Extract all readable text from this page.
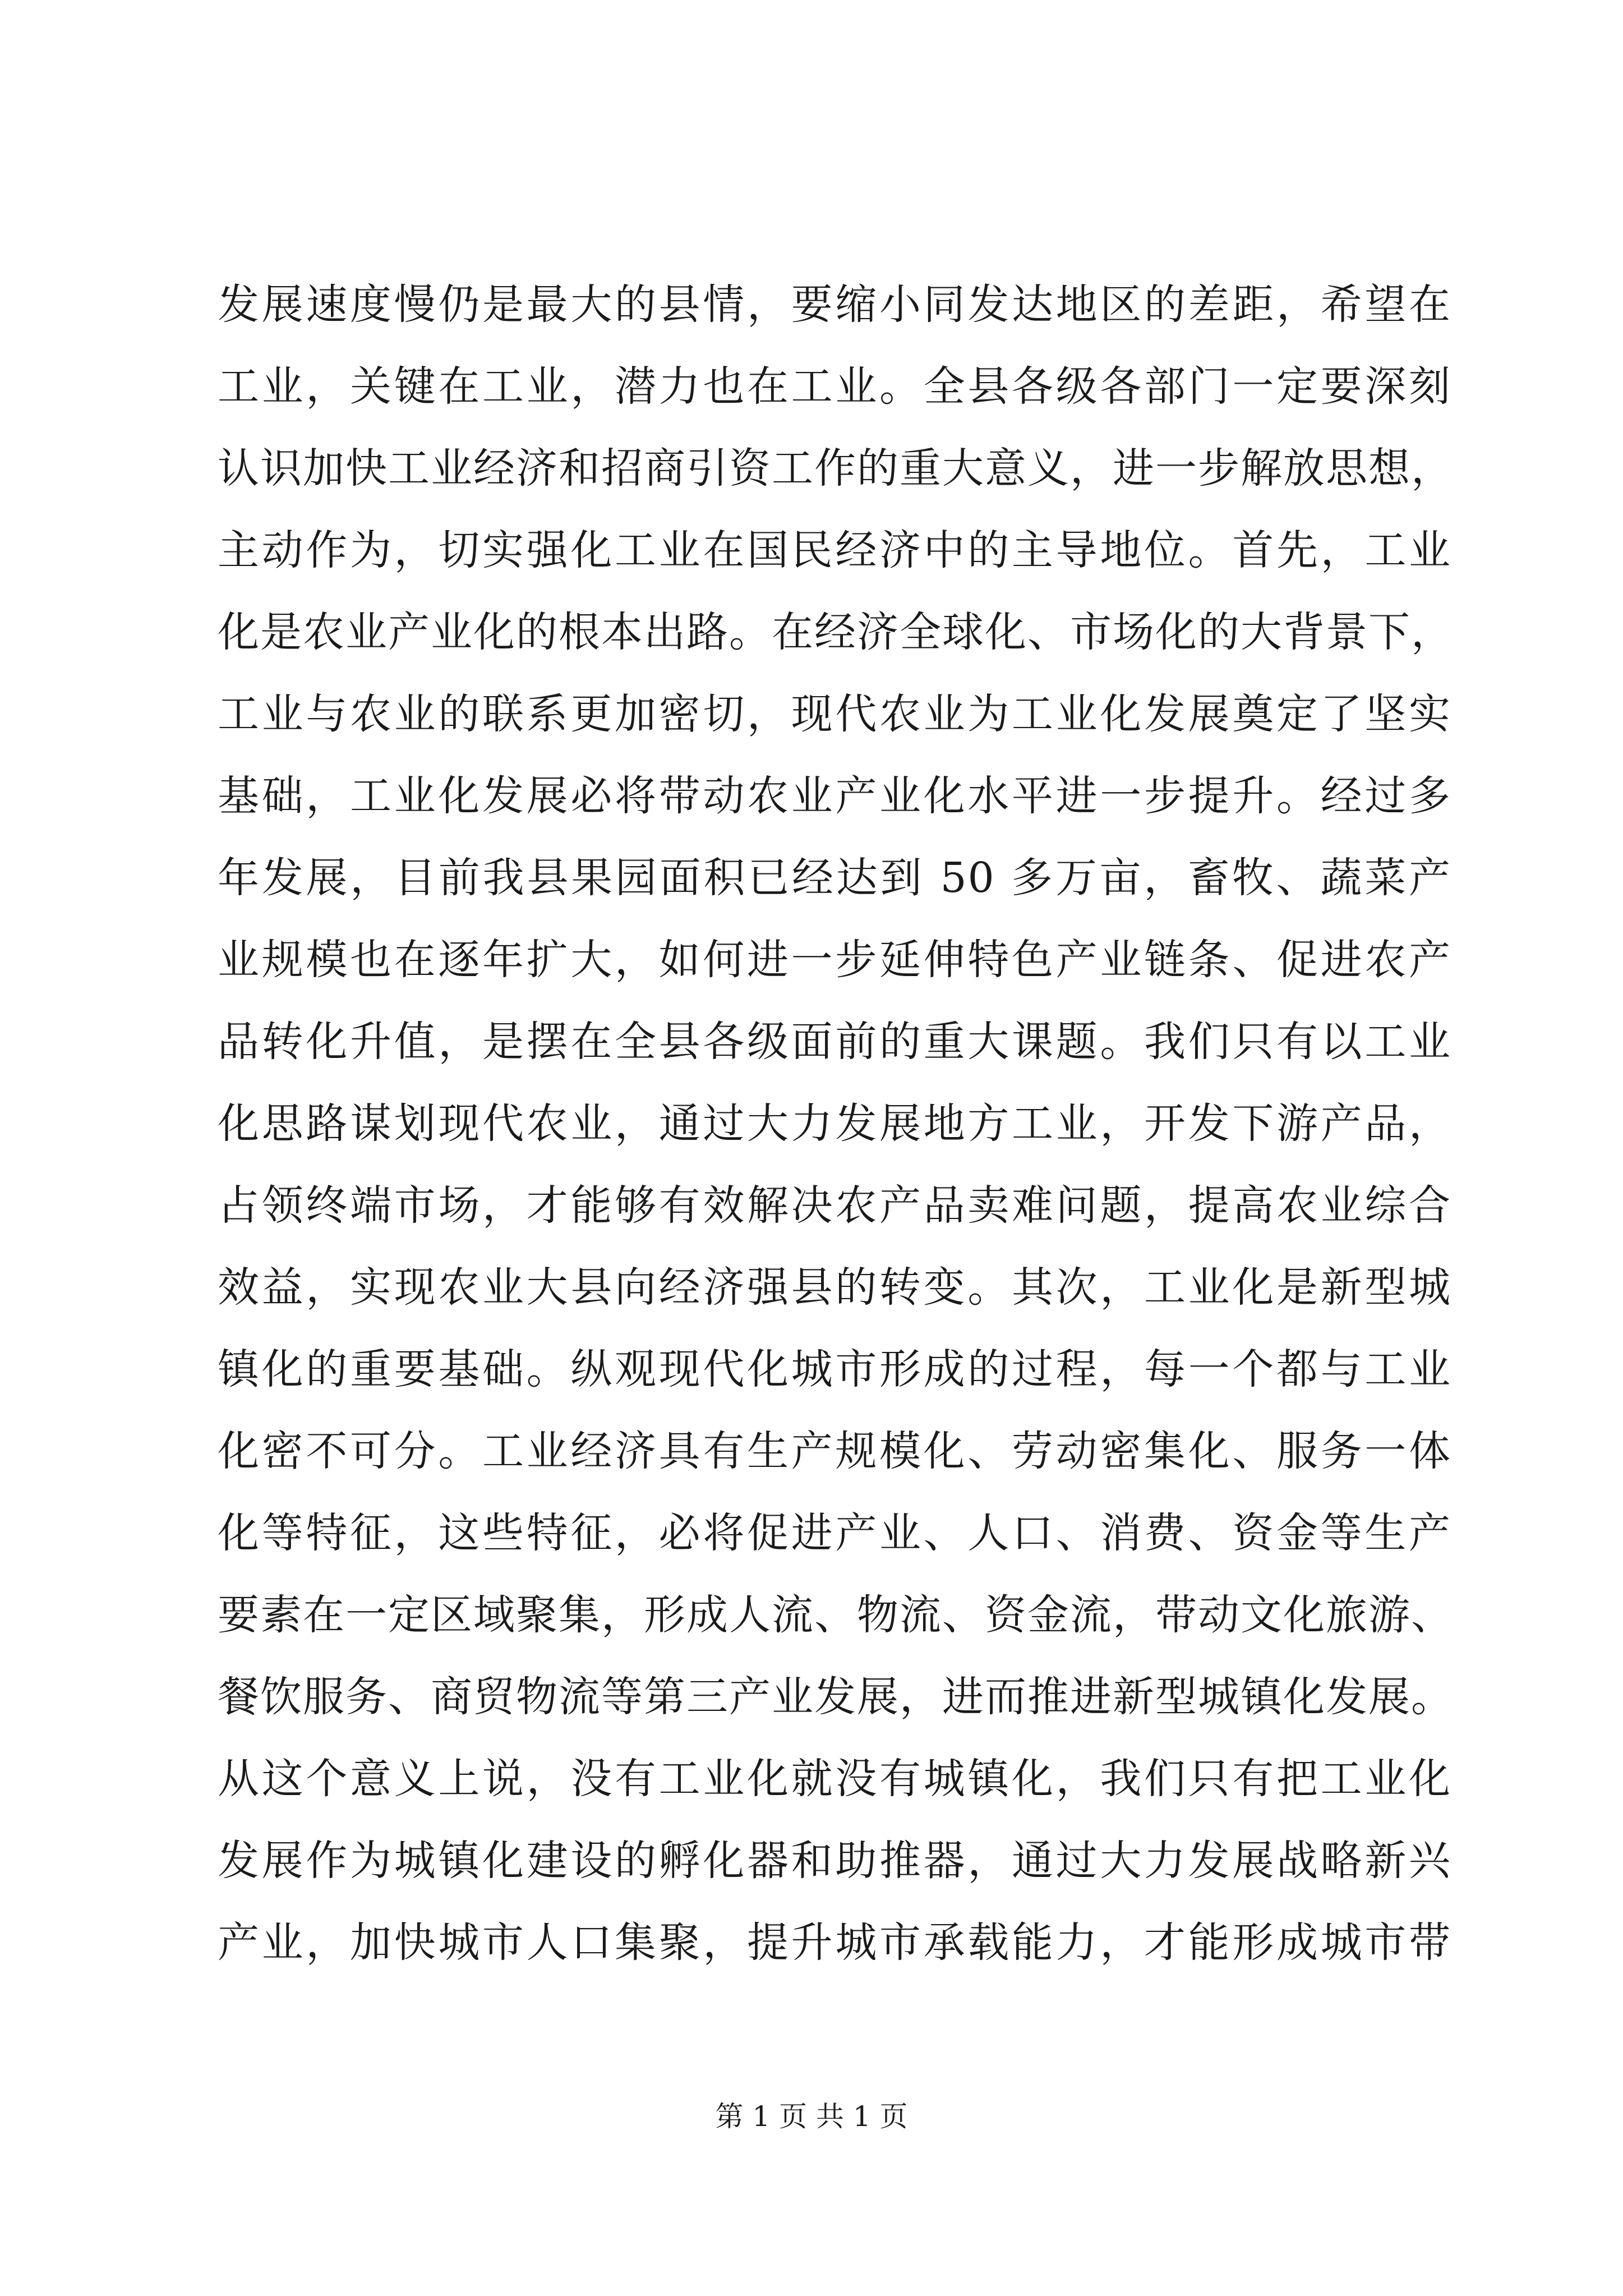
发展速度慢仍是最大的县情，要缩小同发达地区的差距，希望在
工业，关键在工业，潜力也在工业。全县各级各部门一定要深刻
认识加快工业经济和招商引资工作的重大意义，进一步解放思想，
主动作为，切实强化工业在国民经济中的主导地位。首先，工业
化是农业产业化的根本出路。在经济全球化、市场化的大背景下，
工业与农业的联系更加密切，现代农业为工业化发展奠定了坚实
基础，工业化发展必将带动农业产业化水平进一步提升。经过多
年发展，目前我县果园面积已经达到 50 多万亩，畜牧、蔬菜产
业规模也在逐年扩大，如何进一步延伸特色产业链条、促进农产
品转化升值，是摆在全县各级面前的重大课题。我们只有以工业
化思路谋划现代农业，通过大力发展地方工业，开发下游产品，
占领终端市场，才能够有效解决农产品卖难问题，提高农业综合
效益，实现农业大县向经济强县的转变。其次，工业化是新型城
镇化的重要基础。纵观现代化城市形成的过程，每一个都与工业
化密不可分。工业经济具有生产规模化、劳动密集化、服务一体
化等特征，这些特征，必将促进产业、人口、消费、资金等生产
要素在一定区域聚集，形成人流、物流、资金流，带动文化旅游、
餐饮服务、商贸物流等第三产业发展，进而推进新型城镇化发展。
从这个意义上说，没有工业化就没有城镇化，我们只有把工业化
发展作为城镇化建设的孵化器和助推器，通过大力发展战略新兴
产业，加快城市人口集聚，提升城市承载能力，才能形成城市带
第 1 页 共 1 页
